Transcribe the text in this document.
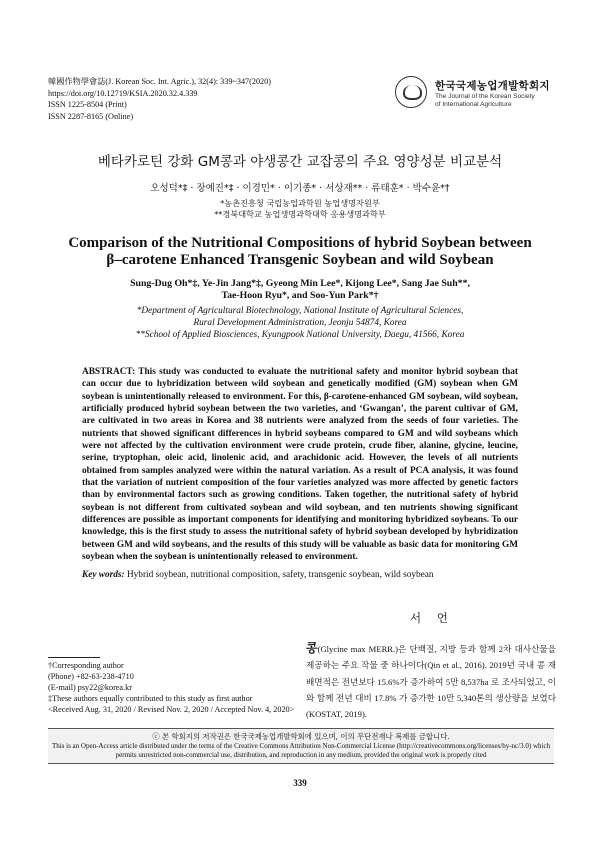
韓國作物學會誌(J. Korean Soc. Int. Agric.), 32(4): 339~347(2020)
https://doi.org/10.12719/KSIA.2020.32.4.339
ISSN 1225-8504 (Print)
ISSN 2287-8165 (Online)
한국국제농업개발학회지
The Journal of the Korean Society
of International Agriculture
베타카로틴 강화 GM콩과 야생콩간 교잡콩의 주요 영양성분 비교분석
오성덕*‡ · 장예진*‡ · 이경민* · 이기종* · 서상재** · 류태훈* · 박수윤*†
*농촌진흥청 국립농업과학원 농업생명자원부
**경북대학교 농업생명과학대학 응용생명과학부
Comparison of the Nutritional Compositions of hybrid Soybean between
β–carotene Enhanced Transgenic Soybean and wild Soybean
Sung-Dug Oh*‡, Ye-Jin Jang*‡, Gyeong Min Lee*, Kijong Lee*, Sang Jae Suh**,
Tae-Hoon Ryu*, and Soo-Yun Park*†
*Department of Agricultural Biotechnology, National Institute of Agricultural Sciences,
Rural Development Administration, Jeonju 54874, Korea
**School of Applied Biosciences, Kyungpook National University, Daegu, 41566, Korea
ABSTRACT: This study was conducted to evaluate the nutritional safety and monitor hybrid soybean that can occur due to hybridization between wild soybean and genetically modified (GM) soybean when GM soybean is unintentionally released to environment. For this, β-carotene-enhanced GM soybean, wild soybean, artificially produced hybrid soybean between the two varieties, and ‘Gwangan’, the parent cultivar of GM, are cultivated in two areas in Korea and 38 nutrients were analyzed from the seeds of four varieties. The nutrients that showed significant differences in hybrid soybeans compared to GM and wild soybeans which were not affected by the cultivation environment were crude protein, crude fiber, alanine, glycine, leucine, serine, tryptophan, oleic acid, linolenic acid, and arachidonic acid. However, the levels of all nutrients obtained from samples analyzed were within the natural variation. As a result of PCA analysis, it was found that the variation of nutrient composition of the four varieties analyzed was more affected by genetic factors than by environmental factors such as growing conditions. Taken together, the nutritional safety of hybrid soybean is not different from cultivated soybean and wild soybean, and ten nutrients showing significant differences are possible as important components for identifying and monitoring hybridized soybeans. To our knowledge, this is the first study to assess the nutritional safety of hybrid soybean developed by hybridization between GM and wild soybeans, and the results of this study will be valuable as basic data for monitoring GM soybean when the soybean is unintentionally released to environment.
Key words: Hybrid soybean, nutritional composition, safety, transgenic soybean, wild soybean
서 언
†Corresponding author
(Phone) +82-63-238-4710
(E-mail) psy22@korea.kr
‡These authors equally contributed to this study as first author
<Received Aug. 31, 2020 / Revised Nov. 2, 2020 / Accepted Nov. 4, 2020>
콩(Glycine max MERR.)은 단백질, 지방 등과 함께 2차 대사산물을 제공하는 주요 작물 중 하나이다(Qin et al., 2016). 2019년 국내 콩 재배면적은 전년보다 15.6%가 증가하여 5만 8,537ha 로 조사되었고, 이와 함께 전년 대비 17.8% 가 증가한 10만 5,340톤의 생산량을 보였다(KOSTAT, 2019).
ⓒ 본 학회지의 저작권은 한국국제농업개발학회에 있으며, 이의 무단전재나 복제를 금합니다.
This is an Open-Access article distributed under the terms of the Creative Commons Attribution Non-Commercial License (http://creativecommons.org/licenses/by-nc/3.0) which
permits unrestricted non-commercial use, distribution, and reproduction in any medium, provided the original work is properly cited
339
